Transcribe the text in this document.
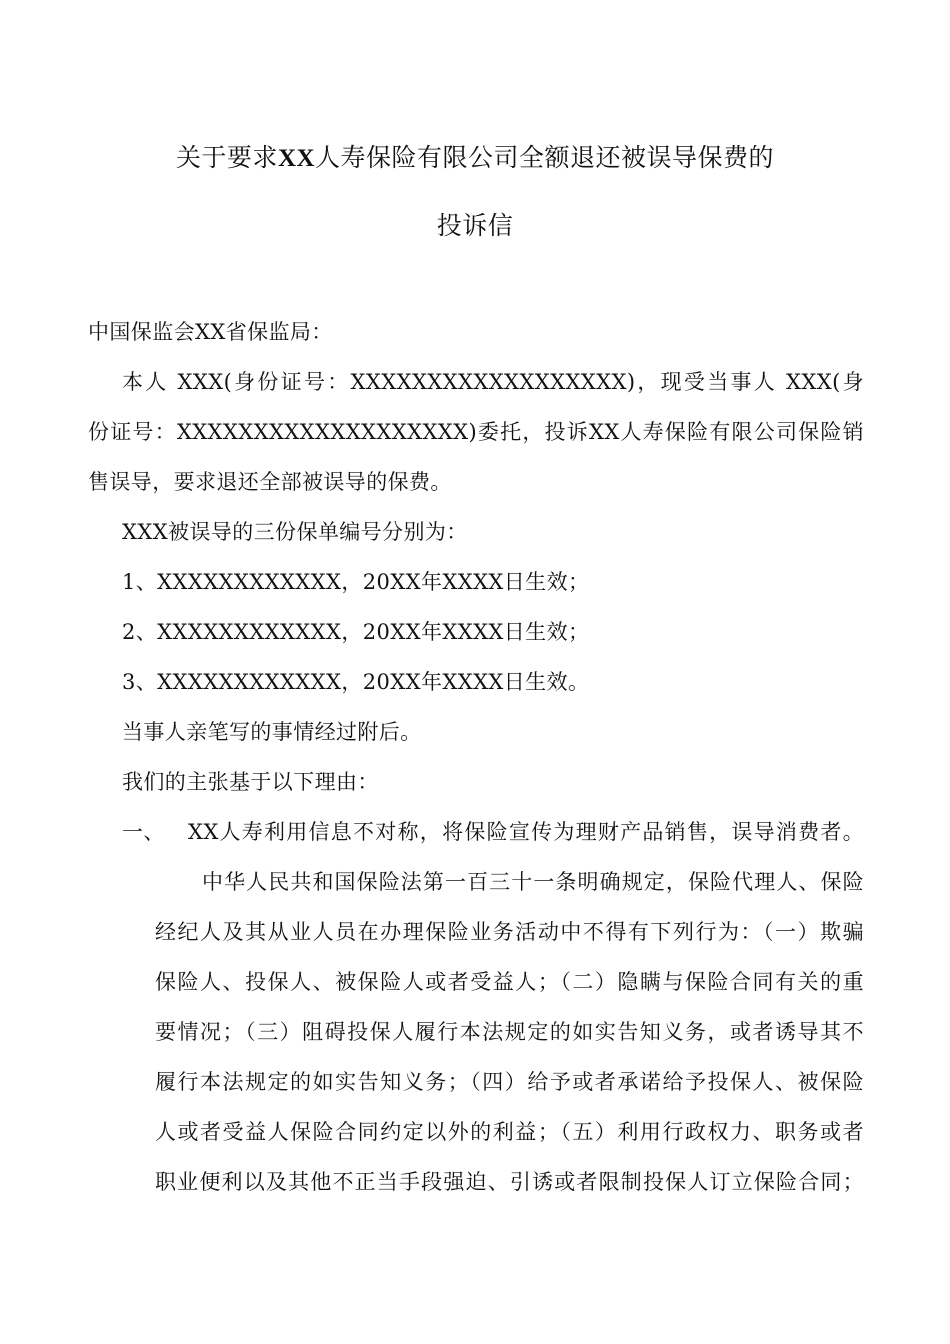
关于要求XX人寿保险有限公司全额退还被误导保费的
投诉信
中国保监会XX省保监局：
本人 XXX(身份证号：XXXXXXXXXXXXXXXXXX)，现受当事人 XXX(身
份证号：XXXXXXXXXXXXXXXXXXX)委托，投诉XX人寿保险有限公司保险销
售误导，要求退还全部被误导的保费。
XXX被误导的三份保单编号分别为：
1、XXXXXXXXXXXX，20XX年XXXX日生效；
2、XXXXXXXXXXXX，20XX年XXXX日生效；
3、XXXXXXXXXXXX，20XX年XXXX日生效。
当事人亲笔写的事情经过附后。
我们的主张基于以下理由：
一、 XX人寿利用信息不对称，将保险宣传为理财产品销售，误导消费者。
中华人民共和国保险法第一百三十一条明确规定，保险代理人、保险
经纪人及其从业人员在办理保险业务活动中不得有下列行为：（一）欺骗
保险人、投保人、被保险人或者受益人；（二）隐瞒与保险合同有关的重
要情况；（三）阻碍投保人履行本法规定的如实告知义务，或者诱导其不
履行本法规定的如实告知义务；（四）给予或者承诺给予投保人、被保险
人或者受益人保险合同约定以外的利益；（五）利用行政权力、职务或者
职业便利以及其他不正当手段强迫、引诱或者限制投保人订立保险合同；
